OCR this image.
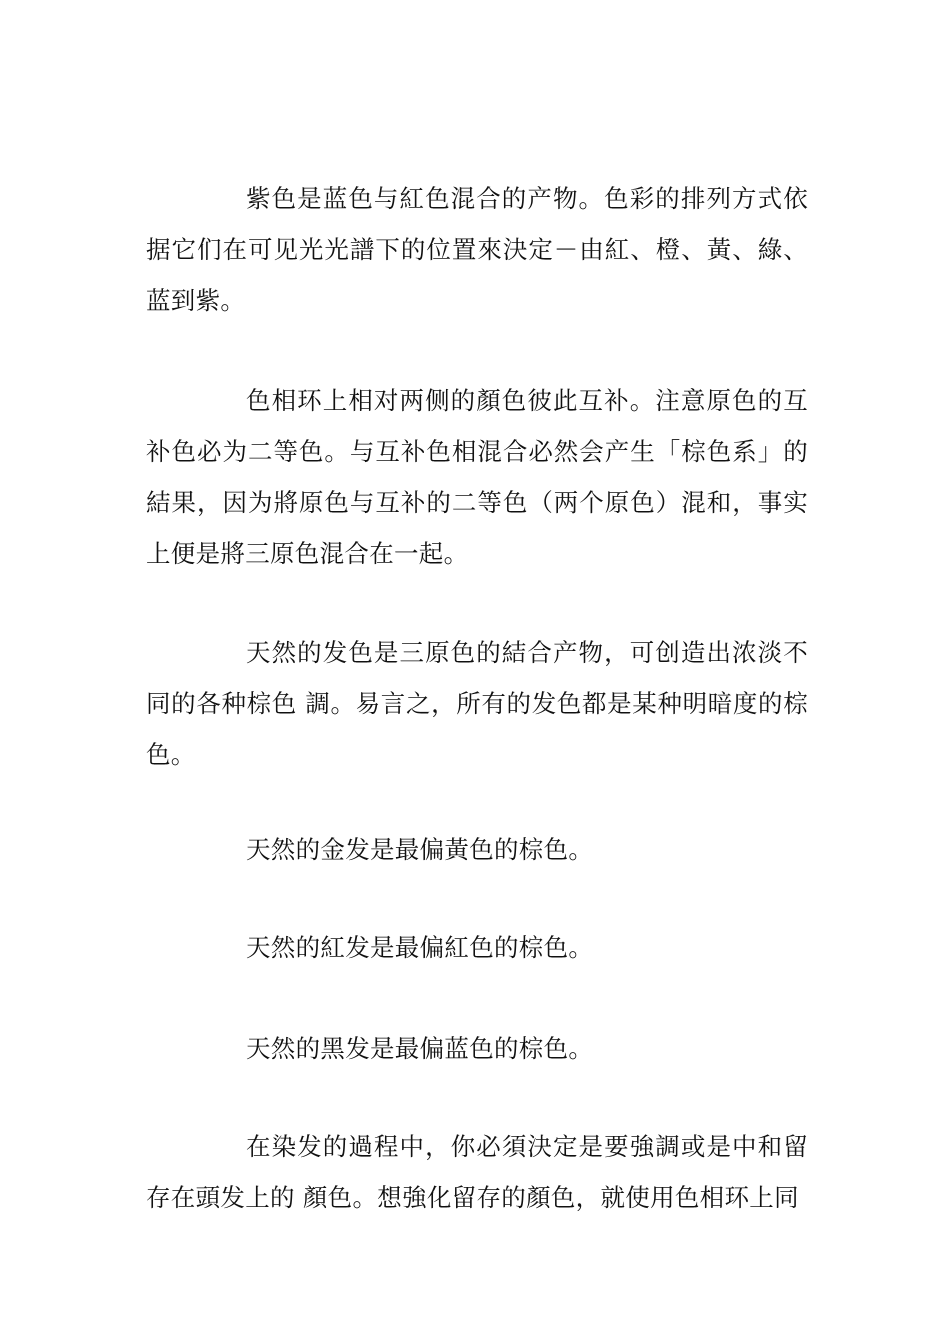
紫色是蓝色与紅色混合的产物。色彩的排列方式依据它们在可见光光譜下的位置來決定－由紅、橙、黃、綠、蓝到紫。

色相环上相对两侧的顏色彼此互补。注意原色的互补色必为二等色。与互补色相混合必然会产生「棕色系」的結果，因为將原色与互补的二等色（两个原色）混和，事实上便是將三原色混合在一起。

天然的发色是三原色的結合产物，可创造出浓淡不同的各种棕色 調。易言之，所有的发色都是某种明暗度的棕色。

天然的金发是最偏黃色的棕色。

天然的紅发是最偏紅色的棕色。

天然的黑发是最偏蓝色的棕色。

在染发的過程中，你必須決定是要強調或是中和留存在頭发上的 顏色。想強化留存的顏色，就使用色相环上同
